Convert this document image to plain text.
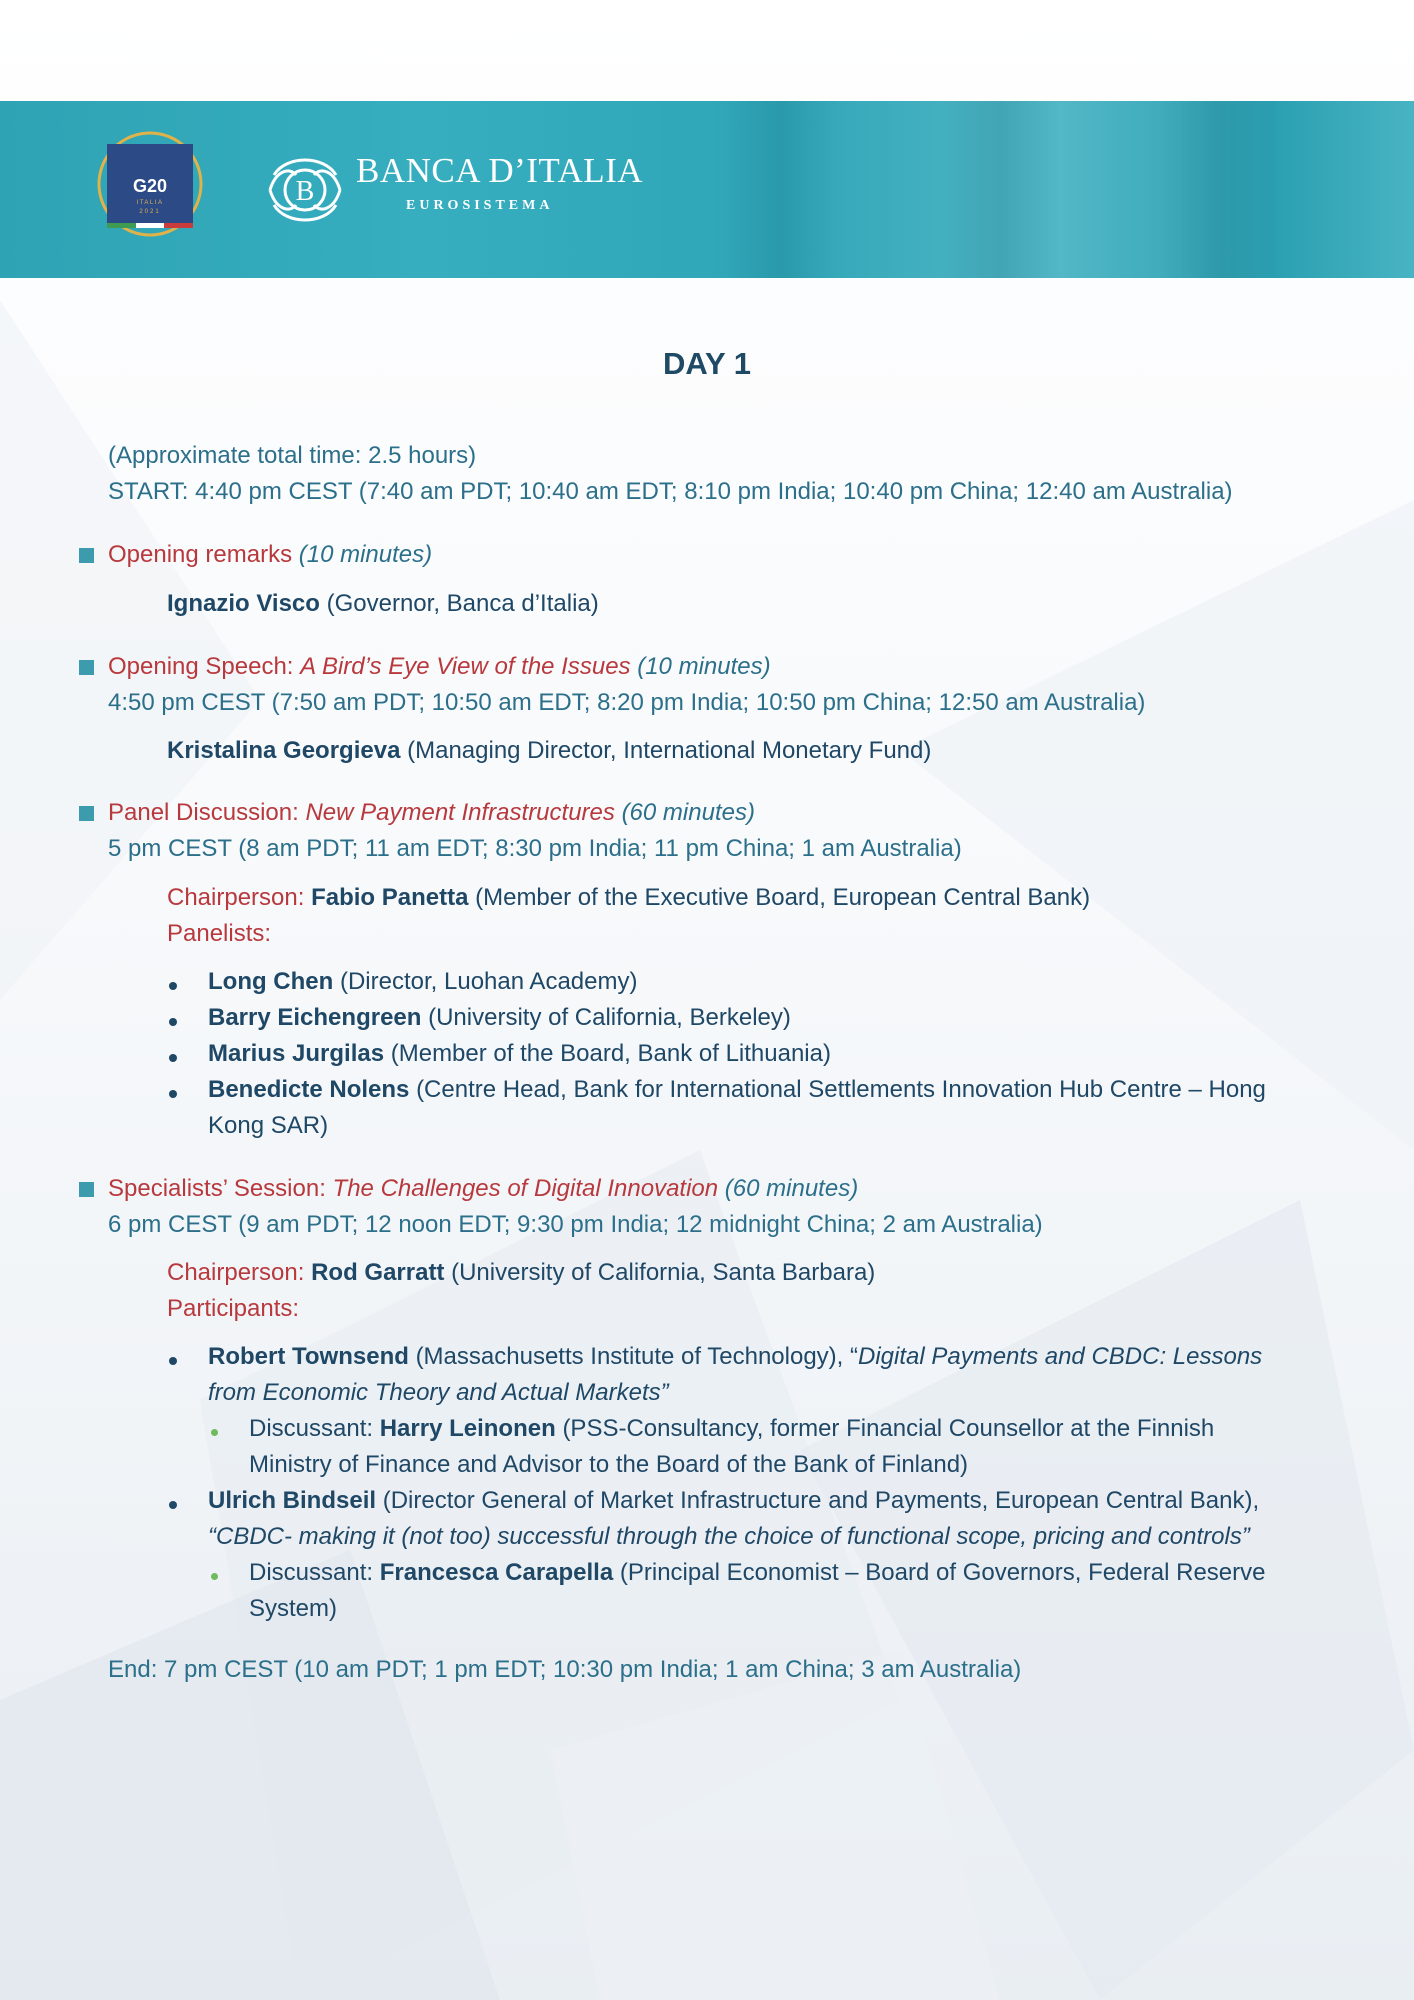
G20
ITALIA
2021
B
BANCA D’ITALIA
EUROSISTEMA
DAY 1
(Approximate total time: 2.5 hours)
START: 4:40 pm CEST (7:40 am PDT; 10:40 am EDT; 8:10 pm India; 10:40 pm China; 12:40 am Australia)
Opening remarks (10 minutes)
Ignazio Visco (Governor, Banca d’Italia)
Opening Speech: A Bird’s Eye View of the Issues (10 minutes)
4:50 pm CEST (7:50 am PDT; 10:50 am EDT; 8:20 pm India; 10:50 pm China; 12:50 am Australia)
Kristalina Georgieva (Managing Director, International Monetary Fund)
Panel Discussion: New Payment Infrastructures (60 minutes)
5 pm CEST (8 am PDT; 11 am EDT; 8:30 pm India; 11 pm China; 1 am Australia)
Chairperson: Fabio Panetta (Member of the Executive Board, European Central Bank)
Panelists:
Long Chen (Director, Luohan Academy)
Barry Eichengreen (University of California, Berkeley)
Marius Jurgilas (Member of the Board, Bank of Lithuania)
Benedicte Nolens (Centre Head, Bank for International Settlements Innovation Hub Centre – Hong
Kong SAR)
Specialists’ Session: The Challenges of Digital Innovation (60 minutes)
6 pm CEST (9 am PDT; 12 noon EDT; 9:30 pm India; 12 midnight China; 2 am Australia)
Chairperson: Rod Garratt (University of California, Santa Barbara)
Participants:
Robert Townsend (Massachusetts Institute of Technology), “Digital Payments and CBDC: Lessons
from Economic Theory and Actual Markets”
Discussant: Harry Leinonen (PSS-Consultancy, former Financial Counsellor at the Finnish
Ministry of Finance and Advisor to the Board of the Bank of Finland)
Ulrich Bindseil (Director General of Market Infrastructure and Payments, European Central Bank),
“CBDC- making it (not too) successful through the choice of functional scope, pricing and controls”
Discussant: Francesca Carapella (Principal Economist – Board of Governors, Federal Reserve
System)
End: 7 pm CEST (10 am PDT; 1 pm EDT; 10:30 pm India; 1 am China; 3 am Australia)
